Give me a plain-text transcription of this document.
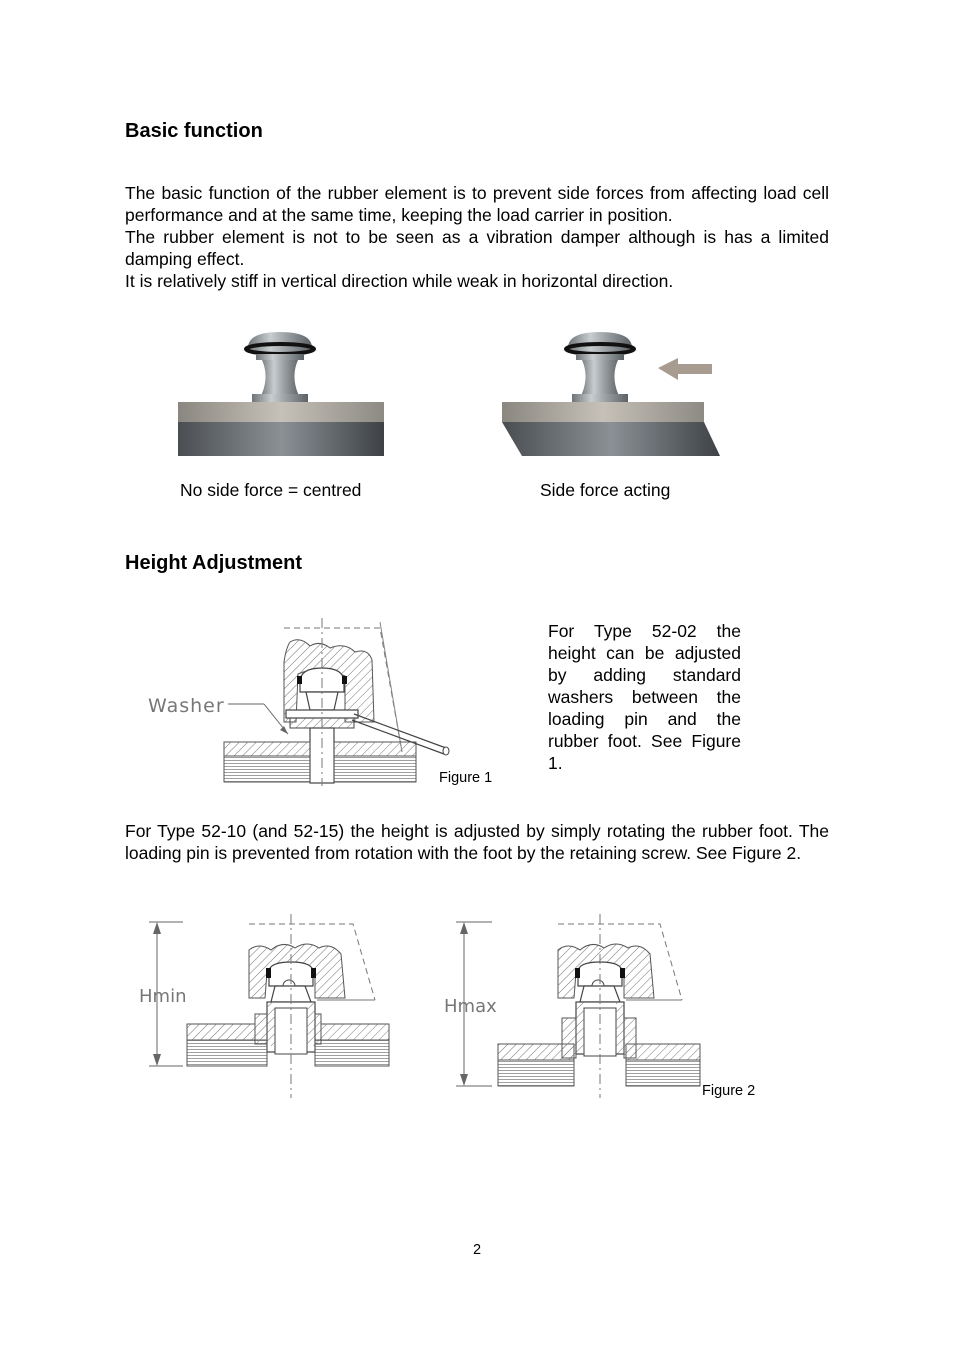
Basic function

The basic function of the rubber element is to prevent side forces from affecting load cell performance and at the same time, keeping the load carrier in position.

The rubber element is not to be seen as a vibration damper although is has a limited damping effect.

It is relatively stiff in vertical direction while weak in horizontal direction.

No side force = centred	Side force acting
Height Adjustment
Washer
Figure 1

For Type 52-02 the height can be adjusted by adding standard washers between the loading pin and the rubber foot. See Figure 1.

For Type 52-10 (and 52-15) the height is adjusted by simply rotating the rubber foot. The loading pin is prevented from rotation with the foot by the retaining screw. See Figure 2.

Hmin	Hmax
Figure 2
2
